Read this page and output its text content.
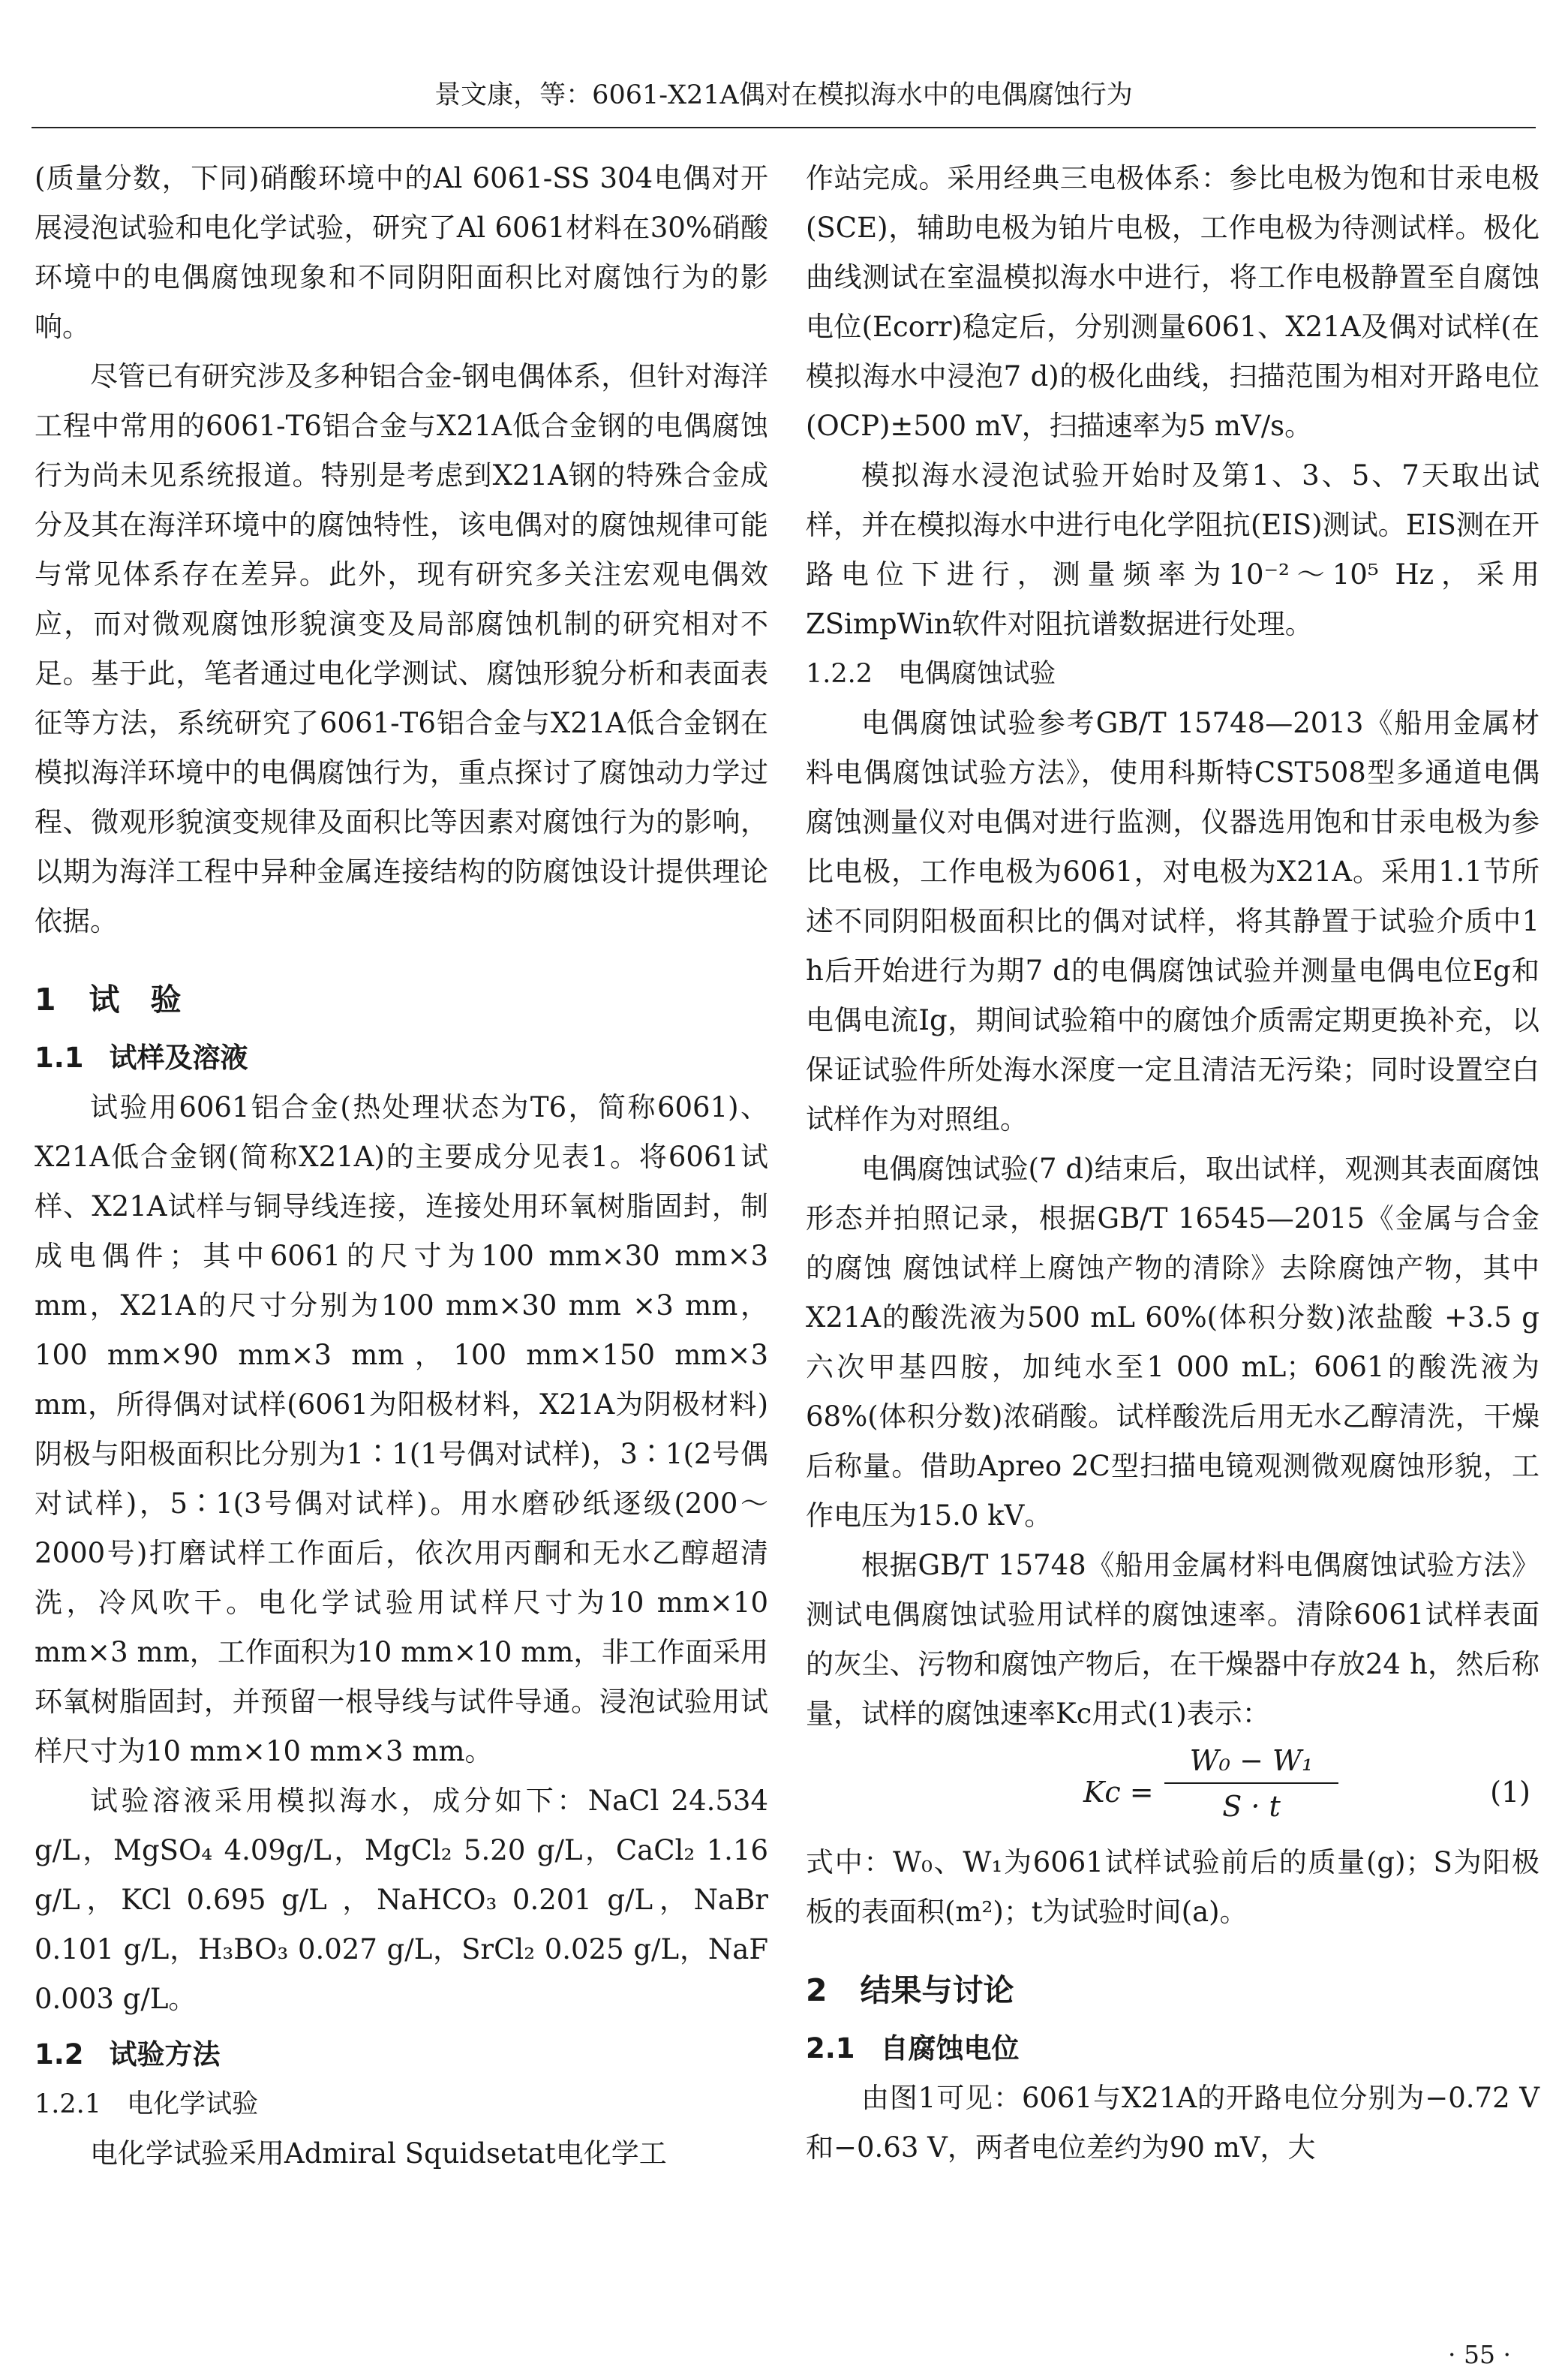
景文康，等：6061-X21A偶对在模拟海水中的电偶腐蚀行为

(质量分数，下同)硝酸环境中的Al 6061-SS 304电偶对开展浸泡试验和电化学试验，研究了Al 6061材料在30%硝酸环境中的电偶腐蚀现象和不同阴阳面积比对腐蚀行为的影响。

尽管已有研究涉及多种铝合金-钢电偶体系，但针对海洋工程中常用的6061-T6铝合金与X21A低合金钢的电偶腐蚀行为尚未见系统报道。特别是考虑到X21A钢的特殊合金成分及其在海洋环境中的腐蚀特性，该电偶对的腐蚀规律可能与常见体系存在差异。此外，现有研究多关注宏观电偶效应，而对微观腐蚀形貌演变及局部腐蚀机制的研究相对不足。基于此，笔者通过电化学测试、腐蚀形貌分析和表面表征等方法，系统研究了6061-T6铝合金与X21A低合金钢在模拟海洋环境中的电偶腐蚀行为，重点探讨了腐蚀动力学过程、微观形貌演变规律及面积比等因素对腐蚀行为的影响，以期为海洋工程中异种金属连接结构的防腐蚀设计提供理论依据。

1 试　验
1.1 试样及溶液

试验用6061铝合金(热处理状态为T6，简称6061)、X21A低合金钢(简称X21A)的主要成分见表1。将6061试样、X21A试样与铜导线连接，连接处用环氧树脂固封，制成电偶件；其中6061的尺寸为100 mm×30 mm×3 mm，X21A的尺寸分别为100 mm×30 mm ×3 mm，100 mm×90 mm×3 mm，100 mm×150 mm×3 mm，所得偶对试样(6061为阳极材料，X21A为阴极材料)阴极与阳极面积比分别为1∶1(1号偶对试样)，3∶1(2号偶对试样)，5∶1(3号偶对试样)。用水磨砂纸逐级(200～2000号)打磨试样工作面后，依次用丙酮和无水乙醇超清洗，冷风吹干。电化学试验用试样尺寸为10 mm×10 mm×3 mm，工作面积为10 mm×10 mm，非工作面采用环氧树脂固封，并预留一根导线与试件导通。浸泡试验用试样尺寸为10 mm×10 mm×3 mm。

试验溶液采用模拟海水，成分如下：NaCl 24.534 g/L，MgSO₄ 4.09g/L，MgCl₂ 5.20 g/L，CaCl₂ 1.16 g/L，KCl 0.695 g/L ，NaHCO₃ 0.201 g/L，NaBr 0.101 g/L，H₃BO₃ 0.027 g/L，SrCl₂ 0.025 g/L，NaF 0.003 g/L。

1.2 试验方法
1.2.1 电化学试验

电化学试验采用Admiral Squidsetat电化学工

作站完成。采用经典三电极体系：参比电极为饱和甘汞电极(SCE)，辅助电极为铂片电极，工作电极为待测试样。极化曲线测试在室温模拟海水中进行，将工作电极静置至自腐蚀电位(Ecorr)稳定后，分别测量6061、X21A及偶对试样(在模拟海水中浸泡7 d)的极化曲线，扫描范围为相对开路电位(OCP)±500 mV，扫描速率为5 mV/s。

模拟海水浸泡试验开始时及第1、3、5、7天取出试样，并在模拟海水中进行电化学阻抗(EIS)测试。EIS测在开路电位下进行，测量频率为10⁻²～10⁵ Hz，采用ZSimpWin软件对阻抗谱数据进行处理。

1.2.2 电偶腐蚀试验

电偶腐蚀试验参考GB/T 15748—2013《船用金属材料电偶腐蚀试验方法》，使用科斯特CST508型多通道电偶腐蚀测量仪对电偶对进行监测，仪器选用饱和甘汞电极为参比电极，工作电极为6061，对电极为X21A。采用1.1节所述不同阴阳极面积比的偶对试样，将其静置于试验介质中1 h后开始进行为期7 d的电偶腐蚀试验并测量电偶电位Eg和电偶电流Ig，期间试验箱中的腐蚀介质需定期更换补充，以保证试验件所处海水深度一定且清洁无污染；同时设置空白试样作为对照组。

电偶腐蚀试验(7 d)结束后，取出试样，观测其表面腐蚀形态并拍照记录，根据GB/T 16545—2015《金属与合金的腐蚀 腐蚀试样上腐蚀产物的清除》去除腐蚀产物，其中X21A的酸洗液为500 mL 60%(体积分数)浓盐酸 +3.5 g六次甲基四胺，加纯水至1 000 mL；6061的酸洗液为68%(体积分数)浓硝酸。试样酸洗后用无水乙醇清洗，干燥后称量。借助Apreo 2C型扫描电镜观测微观腐蚀形貌，工作电压为15.0 kV。

根据GB/T 15748《船用金属材料电偶腐蚀试验方法》测试电偶腐蚀试验用试样的腐蚀速率。清除6061试样表面的灰尘、污物和腐蚀产物后，在干燥器中存放24 h，然后称量，试样的腐蚀速率Kc用式(1)表示：

$Kc = \frac{\text{W₀ − W₁}}{S \cdot t}$	(1)

式中：W₀、W₁为6061试样试验前后的质量(g)；S为阳极板的表面积(m²)；t为试验时间(a)。

2 结果与讨论
2.1 自腐蚀电位

由图1可见：6061与X21A的开路电位分别为−0.72 V和−0.63 V，两者电位差约为90 mV，大

· 55 ·
